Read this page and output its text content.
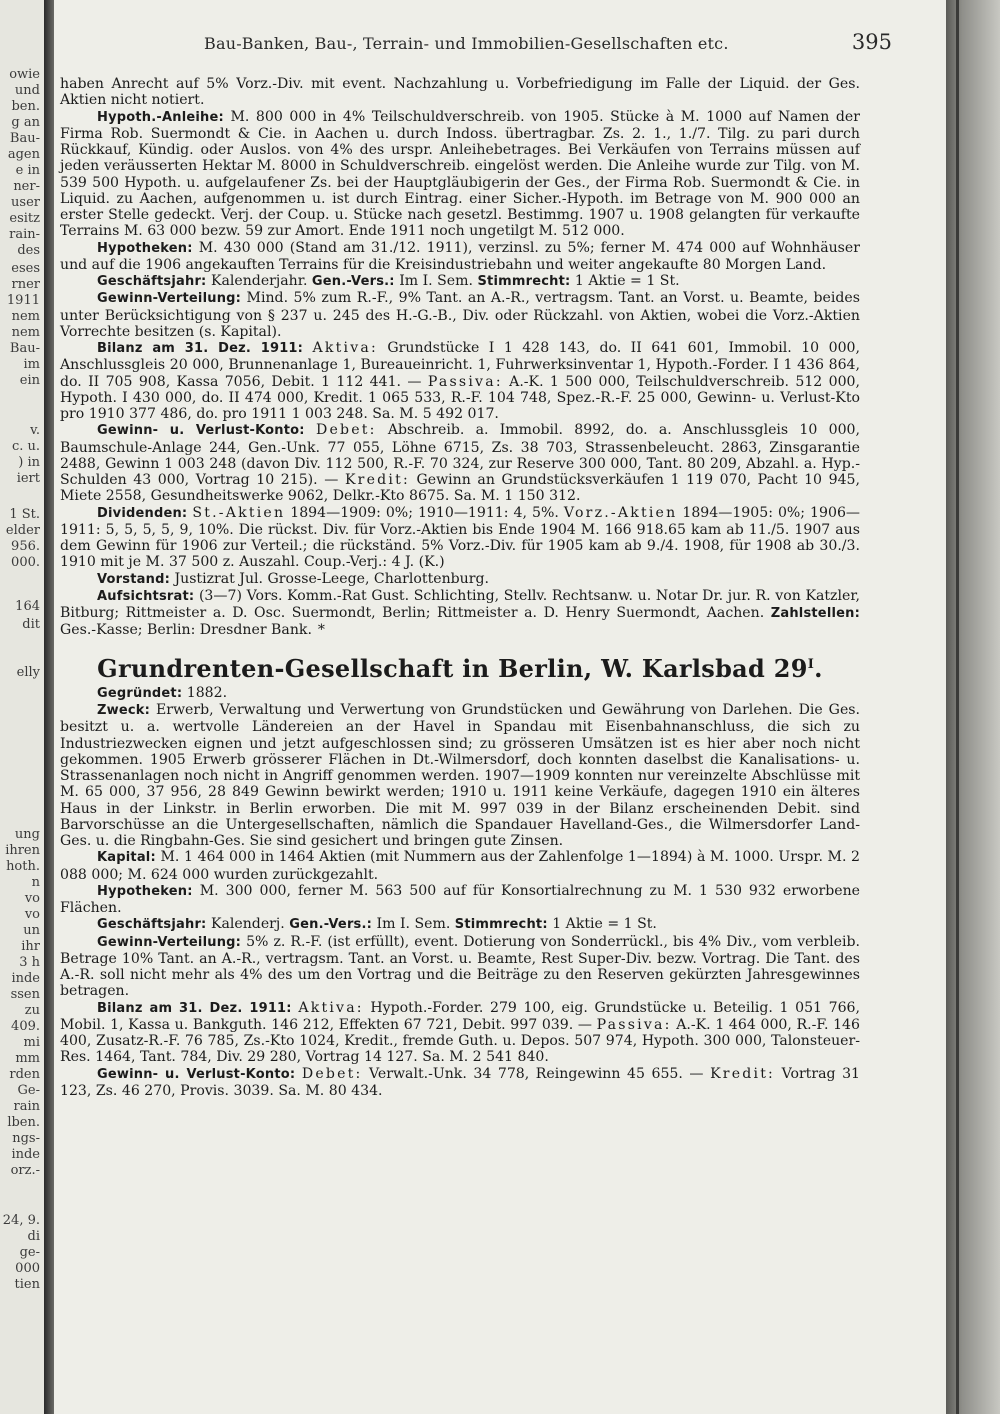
owie
und
ben.
g an
Bau-
agen
e in
ner-
user
esitz
rain-
des
eses
rner
1911
nem
nem
Bau-
im
ein
v.
c. u.
) in
iert
1 St.
elder
956.
000.
164
dit
elly
ung
ihren
hoth.
n
vo
vo
un
ihr
3 h
inde
ssen
zu
409.
mi
mm
rden
Ge-
rain
lben.
ngs-
inde
orz.-
24, 9.
di
ge-
000
tien
Bau-Banken, Bau-, Terrain- und Immobilien-Gesellschaften etc.	395

haben Anrecht auf 5% Vorz.-Div. mit event. Nachzahlung u. Vorbefriedigung im Falle der Liquid. der Ges. Aktien nicht notiert.

Hypoth.-Anleihe: M. 800 000 in 4% Teilschuldverschreib. von 1905. Stücke à M. 1000 auf Namen der Firma Rob. Suermondt & Cie. in Aachen u. durch Indoss. übertragbar. Zs. 2. 1., 1./7. Tilg. zu pari durch Rückkauf, Kündig. oder Auslos. von 4% des urspr. Anleihebetrages. Bei Verkäufen von Terrains müssen auf jeden veräusserten Hektar M. 8000 in Schuldverschreib. eingelöst werden. Die Anleihe wurde zur Tilg. von M. 539 500 Hypoth. u. aufgelaufener Zs. bei der Hauptgläubigerin der Ges., der Firma Rob. Suermondt & Cie. in Liquid. zu Aachen, aufgenommen u. ist durch Eintrag. einer Sicher.-Hypoth. im Betrage von M. 900 000 an erster Stelle gedeckt. Verj. der Coup. u. Stücke nach gesetzl. Bestimmg. 1907 u. 1908 gelangten für verkaufte Terrains M. 63 000 bezw. 59 zur Amort. Ende 1911 noch ungetilgt M. 512 000.

Hypotheken: M. 430 000 (Stand am 31./12. 1911), verzinsl. zu 5%; ferner M. 474 000 auf Wohnhäuser und auf die 1906 angekauften Terrains für die Kreisindustriebahn und weiter angekaufte 80 Morgen Land.

Geschäftsjahr: Kalenderjahr. Gen.-Vers.: Im I. Sem. Stimmrecht: 1 Aktie = 1 St.

Gewinn-Verteilung: Mind. 5% zum R.-F., 9% Tant. an A.-R., vertragsm. Tant. an Vorst. u. Beamte, beides unter Berücksichtigung von § 237 u. 245 des H.-G.-B., Div. oder Rückzahl. von Aktien, wobei die Vorz.-Aktien Vorrechte besitzen (s. Kapital).

Bilanz am 31. Dez. 1911: Aktiva: Grundstücke I 1 428 143, do. II 641 601, Immobil. 10 000, Anschlussgleis 20 000, Brunnenanlage 1, Bureaueinricht. 1, Fuhrwerksinventar 1, Hypoth.-Forder. I 1 436 864, do. II 705 908, Kassa 7056, Debit. 1 112 441. — Passiva: A.-K. 1 500 000, Teilschuldverschreib. 512 000, Hypoth. I 430 000, do. II 474 000, Kredit. 1 065 533, R.-F. 104 748, Spez.-R.-F. 25 000, Gewinn- u. Verlust-Kto pro 1910 377 486, do. pro 1911 1 003 248. Sa. M. 5 492 017.

Gewinn- u. Verlust-Konto: Debet: Abschreib. a. Immobil. 8992, do. a. Anschlussgleis 10 000, Baumschule-Anlage 244, Gen.-Unk. 77 055, Löhne 6715, Zs. 38 703, Strassenbeleucht. 2863, Zinsgarantie 2488, Gewinn 1 003 248 (davon Div. 112 500, R.-F. 70 324, zur Reserve 300 000, Tant. 80 209, Abzahl. a. Hyp.-Schulden 43 000, Vortrag 10 215). — Kredit: Gewinn an Grundstücksverkäufen 1 119 070, Pacht 10 945, Miete 2558, Gesundheitswerke 9062, Delkr.-Kto 8675. Sa. M. 1 150 312.

Dividenden: St.-Aktien 1894—1909: 0%; 1910—1911: 4, 5%. Vorz.-Aktien 1894—1905: 0%; 1906—1911: 5, 5, 5, 5, 9, 10%. Die rückst. Div. für Vorz.-Aktien bis Ende 1904 M. 166 918.65 kam ab 11./5. 1907 aus dem Gewinn für 1906 zur Verteil.; die rückständ. 5% Vorz.-Div. für 1905 kam ab 9./4. 1908, für 1908 ab 30./3. 1910 mit je M. 37 500 z. Auszahl. Coup.-Verj.: 4 J. (K.)

Vorstand: Justizrat Jul. Grosse-Leege, Charlottenburg.

Aufsichtsrat: (3—7) Vors. Komm.-Rat Gust. Schlichting, Stellv. Rechtsanw. u. Notar Dr. jur. R. von Katzler, Bitburg; Rittmeister a. D. Osc. Suermondt, Berlin; Rittmeister a. D. Henry Suermondt, Aachen. Zahlstellen: Ges.-Kasse; Berlin: Dresdner Bank. *

Grundrenten-Gesellschaft in Berlin, W. Karlsbad $29^I$.

Gegründet: 1882.

Zweck: Erwerb, Verwaltung und Verwertung von Grundstücken und Gewährung von Darlehen. Die Ges. besitzt u. a. wertvolle Ländereien an der Havel in Spandau mit Eisenbahnanschluss, die sich zu Industriezwecken eignen und jetzt aufgeschlossen sind; zu grösseren Umsätzen ist es hier aber noch nicht gekommen. 1905 Erwerb grösserer Flächen in Dt.-Wilmersdorf, doch konnten daselbst die Kanalisations- u. Strassenanlagen noch nicht in Angriff genommen werden. 1907—1909 konnten nur vereinzelte Abschlüsse mit M. 65 000, 37 956, 28 849 Gewinn bewirkt werden; 1910 u. 1911 keine Verkäufe, dagegen 1910 ein älteres Haus in der Linkstr. in Berlin erworben. Die mit M. 997 039 in der Bilanz erscheinenden Debit. sind Barvorschüsse an die Untergesellschaften, nämlich die Spandauer Havelland-Ges., die Wilmersdorfer Land-Ges. u. die Ringbahn-Ges. Sie sind gesichert und bringen gute Zinsen.

Kapital: M. 1 464 000 in 1464 Aktien (mit Nummern aus der Zahlenfolge 1—1894) à M. 1000. Urspr. M. 2 088 000; M. 624 000 wurden zurückgezahlt.

Hypotheken: M. 300 000, ferner M. 563 500 auf für Konsortialrechnung zu M. 1 530 932 erworbene Flächen.

Geschäftsjahr: Kalenderj. Gen.-Vers.: Im I. Sem. Stimmrecht: 1 Aktie = 1 St.

Gewinn-Verteilung: 5% z. R.-F. (ist erfüllt), event. Dotierung von Sonderrückl., bis 4% Div., vom verbleib. Betrage 10% Tant. an A.-R., vertragsm. Tant. an Vorst. u. Beamte, Rest Super-Div. bezw. Vortrag. Die Tant. des A.-R. soll nicht mehr als 4% des um den Vortrag und die Beiträge zu den Reserven gekürzten Jahresgewinnes betragen.

Bilanz am 31. Dez. 1911: Aktiva: Hypoth.-Forder. 279 100, eig. Grundstücke u. Beteilig. 1 051 766, Mobil. 1, Kassa u. Bankguth. 146 212, Effekten 67 721, Debit. 997 039. — Passiva: A.-K. 1 464 000, R.-F. 146 400, Zusatz-R.-F. 76 785, Zs.-Kto 1024, Kredit., fremde Guth. u. Depos. 507 974, Hypoth. 300 000, Talonsteuer-Res. 1464, Tant. 784, Div. 29 280, Vortrag 14 127. Sa. M. 2 541 840.

Gewinn- u. Verlust-Konto: Debet: Verwalt.-Unk. 34 778, Reingewinn 45 655. — Kredit: Vortrag 31 123, Zs. 46 270, Provis. 3039. Sa. M. 80 434.
